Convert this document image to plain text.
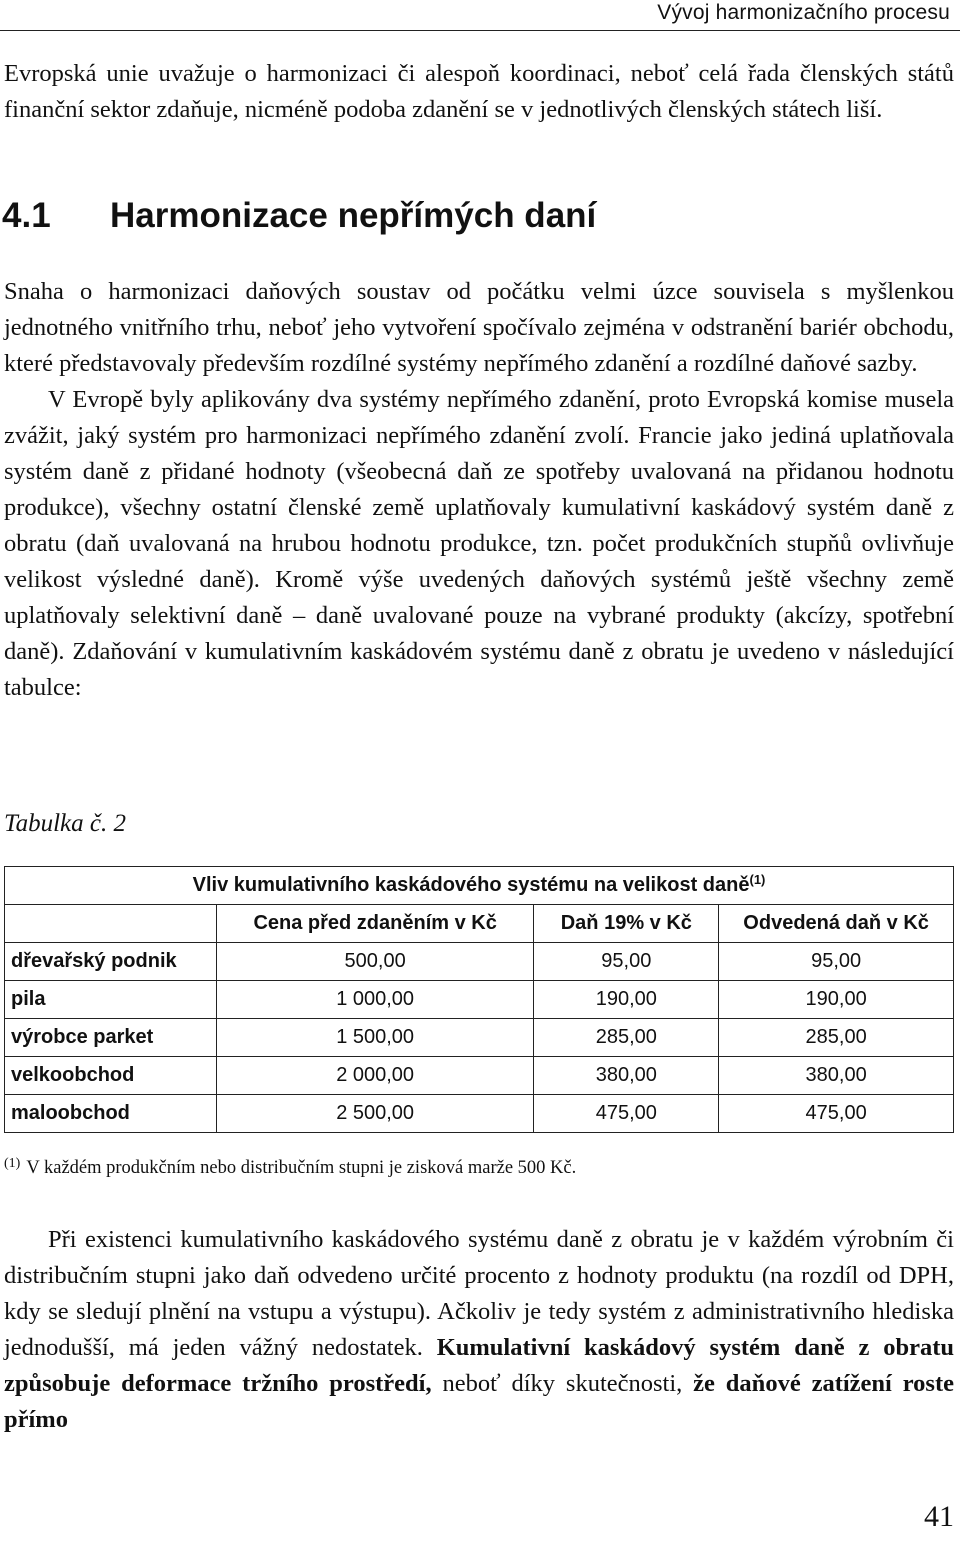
Vývoj harmonizačního procesu
Evropská unie uvažuje o harmonizaci či alespoň koordinaci, neboť celá řada členských států finanční sektor zdaňuje, nicméně podoba zdanění se v jednotlivých členských státech liší.
4.1 Harmonizace nepřímých daní

Snaha o harmonizaci daňových soustav od počátku velmi úzce souvisela s myšlenkou jednotného vnitřního trhu, neboť jeho vytvoření spočívalo zejména v odstranění bariér obchodu, které představovaly především rozdílné systémy nepřímého zdanění a rozdílné daňové sazby.

V Evropě byly aplikovány dva systémy nepřímého zdanění, proto Evropská komise musela zvážit, jaký systém pro harmonizaci nepřímého zdanění zvolí. Francie jako jediná uplatňovala systém daně z přidané hodnoty (všeobecná daň ze spotřeby uvalovaná na přidanou hodnotu produkce), všechny ostatní členské země uplatňovaly kumulativní kaskádový systém daně z obratu (daň uvalovaná na hrubou hodnotu produkce, tzn. počet produkčních stupňů ovlivňuje velikost výsledné daně). Kromě výše uvedených daňových systémů ještě všechny země uplatňovaly selektivní daně – daně uvalované pouze na vybrané produkty (akcízy, spotřební daně). Zdaňování v kumulativním kaskádovém systému daně z obratu je uvedeno v následující tabulce:

Tabulka č. 2
Vliv kumulativního kaskádového systému na velikost daně$^{(1)}$
	Cena před zdaněním v Kč	Daň 19% v Kč	Odvedená daň v Kč
dřevařský podnik	500,00	95,00	95,00
pila	1 000,00	190,00	190,00
výrobce parket	1 500,00	285,00	285,00
velkoobchod	2 000,00	380,00	380,00
maloobchod	2 500,00	475,00	475,00
$^{(1)}$ V každém produkčním nebo distribučním stupni je zisková marže 500 Kč.
Při existenci kumulativního kaskádového systému daně z obratu je v každém výrobním či distribučním stupni jako daň odvedeno určité procento z hodnoty produktu (na rozdíl od DPH, kdy se sledují plnění na vstupu a výstupu). Ačkoliv je tedy systém z administrativního hlediska jednodušší, má jeden vážný nedostatek. Kumulativní kaskádový systém daně z obratu způsobuje deformace tržního prostředí, neboť díky skutečnosti, že daňové zatížení roste přímo
41
